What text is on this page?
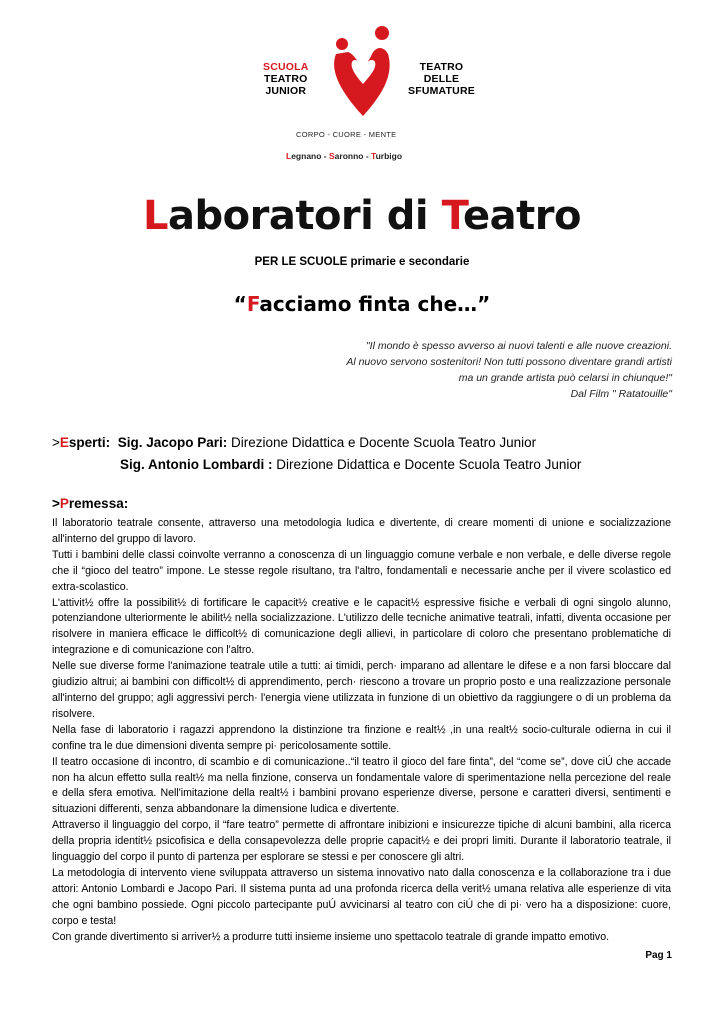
SCUOLA
TEATRO
JUNIOR
TEATRO
DELLE
SFUMATURE
CORPO - CUORE - MENTE
Legnano - Saronno - Turbigo
Laboratori di Teatro
PER LE SCUOLE primarie e secondarie
“Facciamo finta che…”
"Il mondo è spesso avverso ai nuovi talenti e alle nuove creazioni.
Al nuovo servono sostenitori! Non tutti possono diventare grandi artisti
ma un grande artista può celarsi in chiunque!"
Dal Film " Ratatouille"
>Esperti: Sig. Jacopo Pari: Direzione Didattica e Docente Scuola Teatro Junior
Sig. Antonio Lombardi : Direzione Didattica e Docente Scuola Teatro Junior
>Premessa:

Il laboratorio teatrale consente, attraverso una metodologia ludica e divertente, di creare momenti di unione e socializzazione all'interno del gruppo di lavoro.

Tutti i bambini delle classi coinvolte verranno a conoscenza di un linguaggio comune verbale e non verbale, e delle diverse regole che il “gioco del teatro” impone. Le stesse regole risultano, tra l'altro, fondamentali e necessarie anche per il vivere scolastico ed extra-scolastico.

L'attivit½ offre la possibilit½ di fortificare le capacit½ creative e le capacit½ espressive fisiche e verbali di ogni singolo alunno, potenziandone ulteriormente le abilit½ nella socializzazione. L'utilizzo delle tecniche animative teatrali, infatti, diventa occasione per risolvere in maniera efficace le difficolt½ di comunicazione degli allievi, in particolare di coloro che presentano problematiche di integrazione e di comunicazione con l'altro.

Nelle sue diverse forme l'animazione teatrale utile a tutti: ai timidi, perch· imparano ad allentare le difese e a non farsi bloccare dal giudizio altrui; ai bambini con difficolt½ di apprendimento, perch· riescono a trovare un proprio posto e una realizzazione personale all'interno del gruppo; agli aggressivi perch· l'energia viene utilizzata in funzione di un obiettivo da raggiungere o di un problema da risolvere.

Nella fase di laboratorio i ragazzi apprendono la distinzione tra finzione e realt½ ,in una realt½ socio-culturale odierna in cui il confine tra le due dimensioni diventa sempre pi· pericolosamente sottile.

Il teatro occasione di incontro, di scambio e di comunicazione..“il teatro il gioco del fare finta”, del “come se”, dove ciÚ che accade non ha alcun effetto sulla realt½ ma nella finzione, conserva un fondamentale valore di sperimentazione nella percezione del reale e della sfera emotiva. Nell'imitazione della realt½ i bambini provano esperienze diverse, persone e caratteri diversi, sentimenti e situazioni differenti, senza abbandonare la dimensione ludica e divertente.

Attraverso il linguaggio del corpo, il “fare teatro” permette di affrontare inibizioni e insicurezze tipiche di alcuni bambini, alla ricerca della propria identit½ psicofisica e della consapevolezza delle proprie capacit½ e dei propri limiti. Durante il laboratorio teatrale, il linguaggio del corpo il punto di partenza per esplorare se stessi e per conoscere gli altri.

La metodologia di intervento viene sviluppata attraverso un sistema innovativo nato dalla conoscenza e la collaborazione tra i due attori: Antonio Lombardi e Jacopo Pari. Il sistema punta ad una profonda ricerca della verit½ umana relativa alle esperienze di vita che ogni bambino possiede. Ogni piccolo partecipante puÚ avvicinarsi al teatro con ciÚ che di pi· vero ha a disposizione: cuore, corpo e testa!

Con grande divertimento si arriver½ a produrre tutti insieme insieme uno spettacolo teatrale di grande impatto emotivo.

Pag 1
